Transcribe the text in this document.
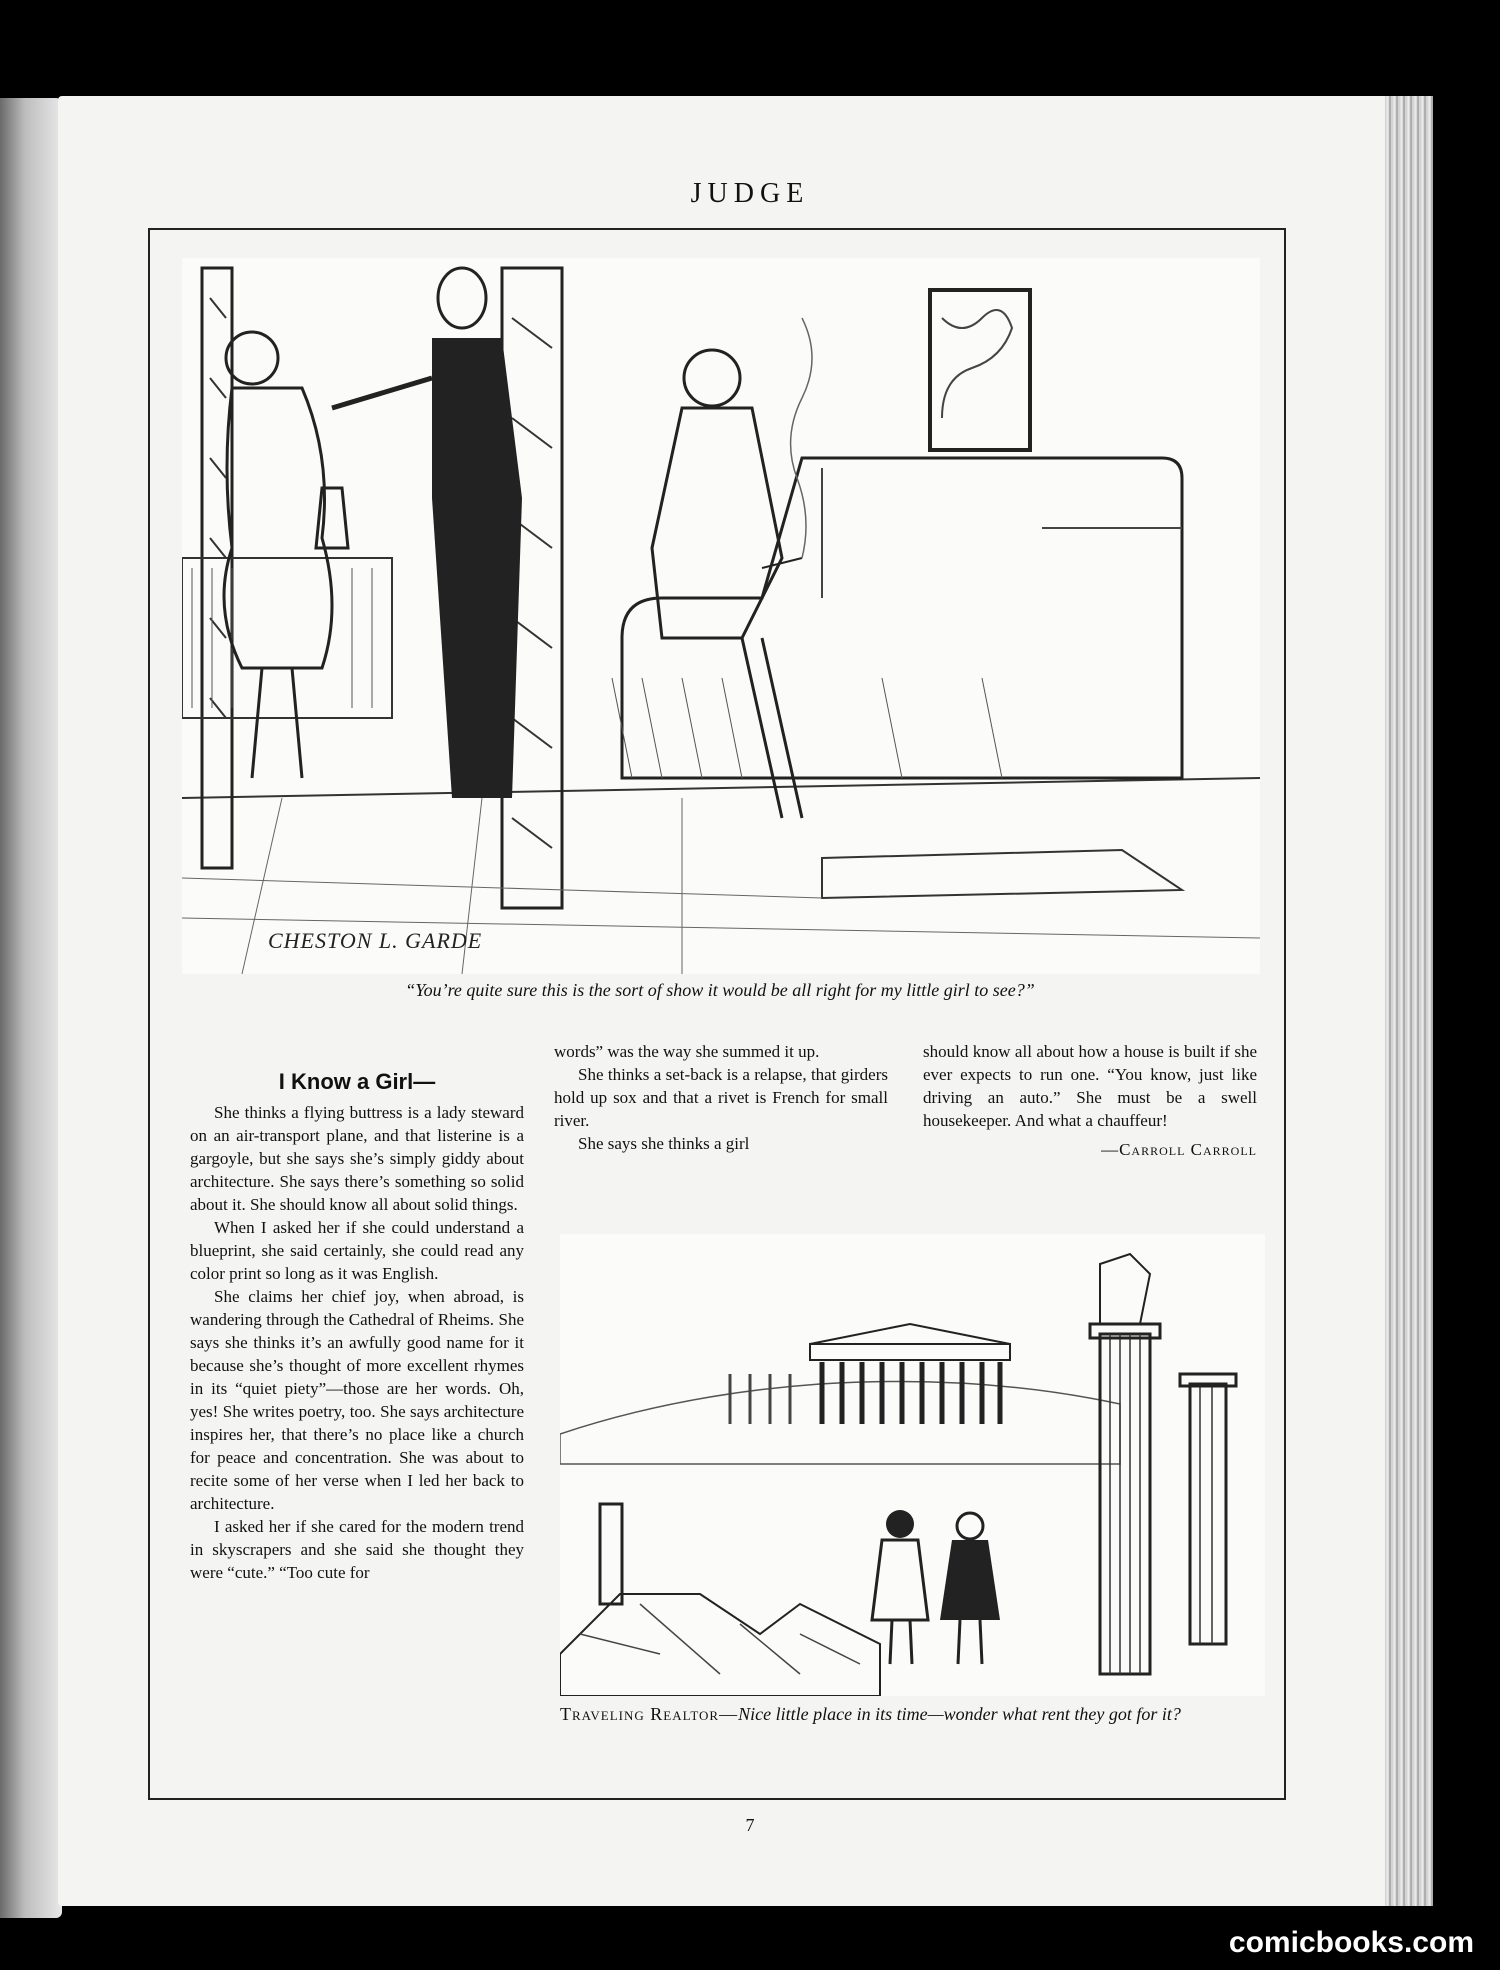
JUDGE
CHESTON L. GARDE
“You’re quite sure this is the sort of show it would be all right for my little girl to see?”
I Know a Girl—

She thinks a flying buttress is a lady steward on an air-transport plane, and that listerine is a gargoyle, but she says she’s simply giddy about architecture. She says there’s something so solid about it. She should know all about solid things.

When I asked her if she could understand a blueprint, she said certainly, she could read any color print so long as it was English.

She claims her chief joy, when abroad, is wandering through the Cathedral of Rheims. She says she thinks it’s an awfully good name for it because she’s thought of more excellent rhymes in its “quiet piety”—those are her words. Oh, yes! She writes poetry, too. She says architecture inspires her, that there’s no place like a church for peace and concentration. She was about to recite some of her verse when I led her back to architecture.

I asked her if she cared for the modern trend in skyscrapers and she said she thought they were “cute.” “Too cute for

words” was the way she summed it up.

She thinks a set-back is a relapse, that girders hold up sox and that a rivet is French for small river.

She says she thinks a girl

should know all about how a house is built if she ever expects to run one. “You know, just like driving an auto.” She must be a swell housekeeper. And what a chauffeur!

—Carroll Carroll
Traveling Realtor—Nice little place in its time—wonder what rent they got for it?
7
comicbooks.com
